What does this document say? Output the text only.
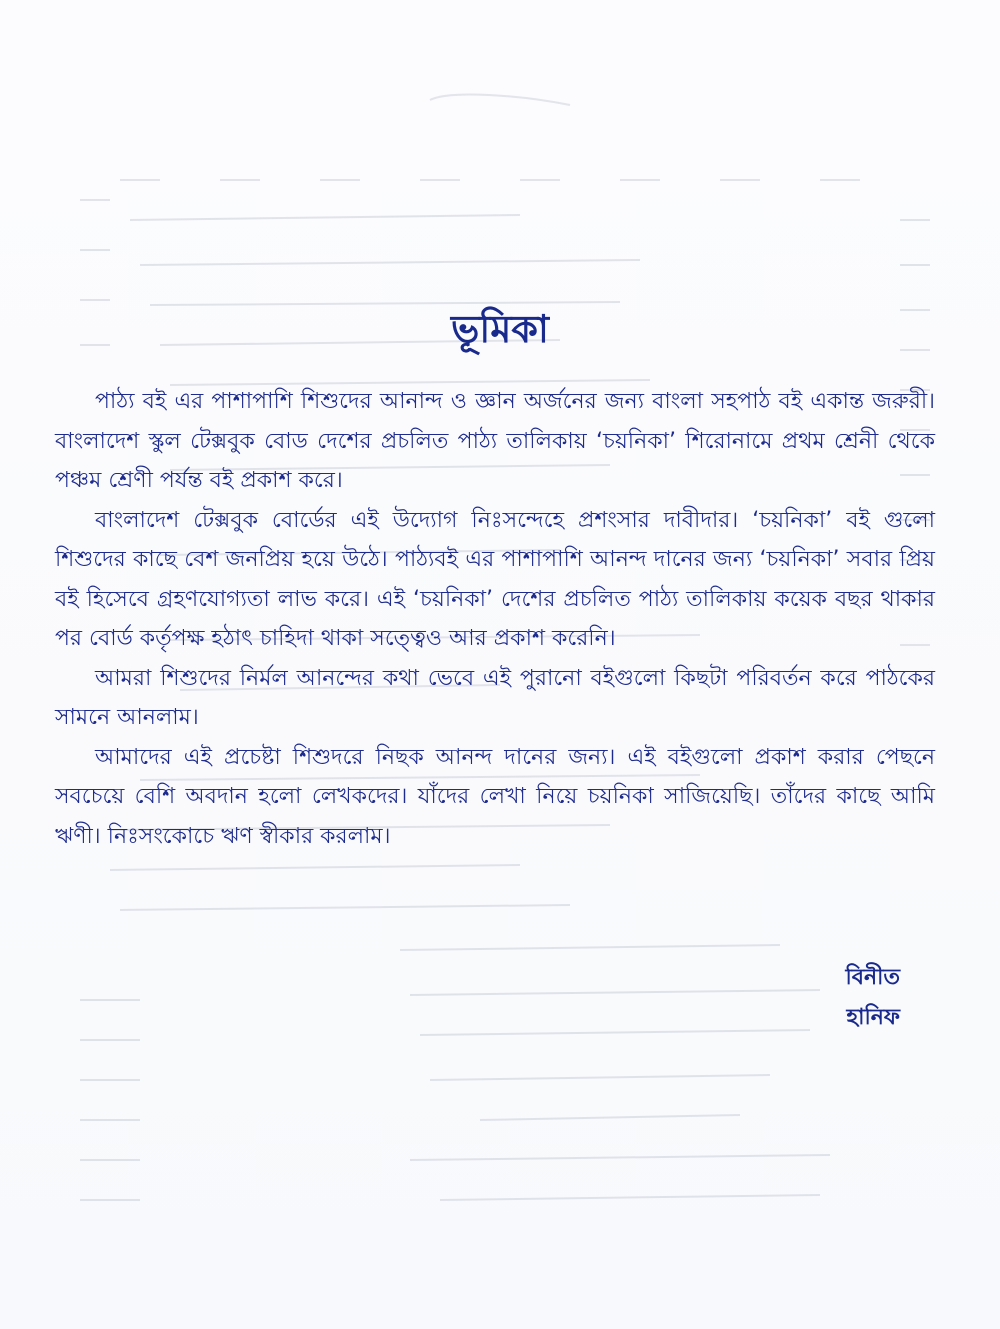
ভূমিকা

পাঠ্য বই এর পাশাপাশি শিশুদের আনান্দ ও জ্ঞান অর্জনের জন্য বাংলা সহপাঠ বই একান্ত জরুরী। বাংলাদেশ স্কুল টেক্সবুক বোড দেশের প্রচলিত পাঠ্য তালিকায় ‘চয়নিকা’ শিরোনামে প্রথম শ্রেনী থেকে পঞ্চম শ্রেণী পর্যন্ত বই প্রকাশ করে।

বাংলাদেশ টেক্সবুক বোর্ডের এই উদ্যোগ নিঃসন্দেহে প্রশংসার দাবীদার। ‘চয়নিকা’ বই গুলো শিশুদের কাছে বেশ জনপ্রিয় হয়ে উঠে। পাঠ্যবই এর পাশাপাশি আনন্দ দানের জন্য ‘চয়নিকা’ সবার প্রিয় বই হিসেবে গ্রহণযোগ্যতা লাভ করে। এই ‘চয়নিকা’ দেশের প্রচলিত পাঠ্য তালিকায় কয়েক বছর থাকার পর বোর্ড কর্তৃপক্ষ হঠাৎ চাহিদা থাকা সত্ত্বেও আর প্রকাশ করেনি।

আমরা শিশুদের নির্মল আনন্দের কথা ভেবে এই পুরানো বইগুলো কিছটা পরিবর্তন করে পাঠকের সামনে আনলাম।

আমাদের এই প্রচেষ্টা শিশুদরে নিছক আনন্দ দানের জন্য। এই বইগুলো প্রকাশ করার পেছনে সবচেয়ে বেশি অবদান হলো লেখকদের। যাঁদের লেখা নিয়ে চয়নিকা সাজিয়েছি। তাঁদের কাছে আমি ঋণী। নিঃসংকোচে ঋণ স্বীকার করলাম।

বিনীত
হানিফ
